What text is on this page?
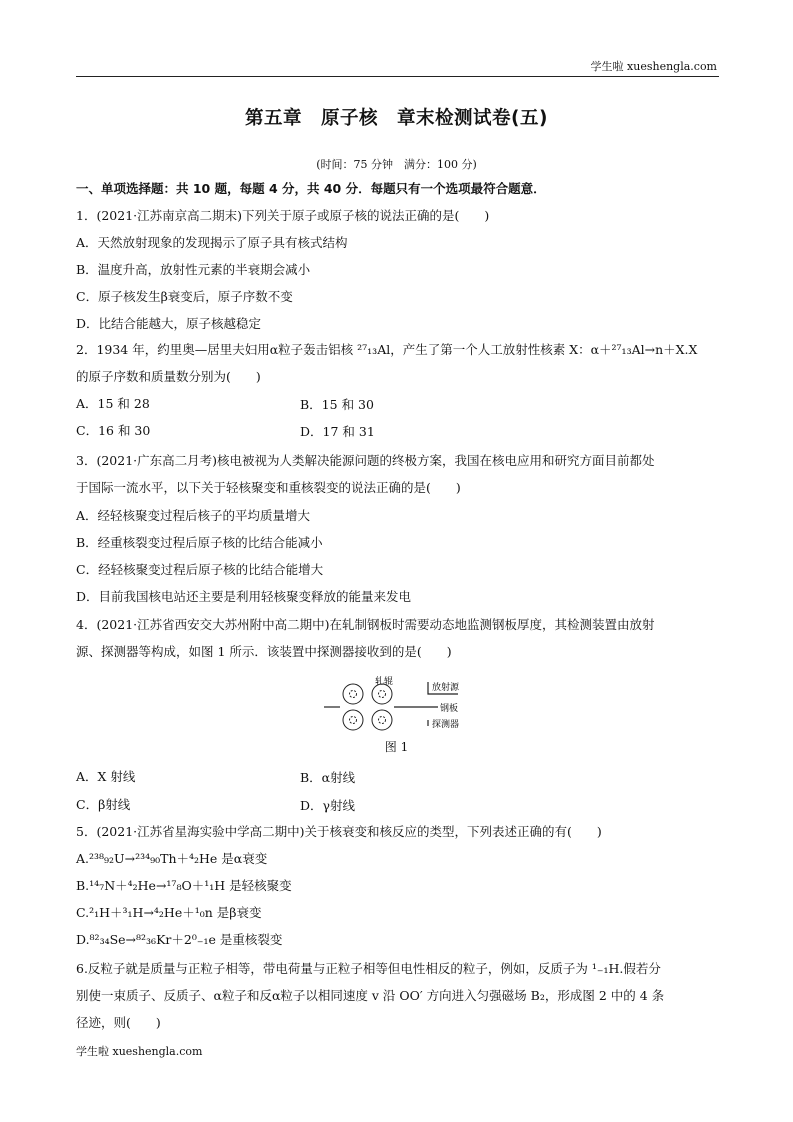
学生啦 xueshengla.com
第五章　原子核　章末检测试卷(五)
(时间：75 分钟　满分：100 分)
一、单项选择题：共 10 题，每题 4 分，共 40 分．每题只有一个选项最符合题意．
1．(2021·江苏南京高二期末)下列关于原子或原子核的说法正确的是(　　)
A．天然放射现象的发现揭示了原子具有核式结构
B．温度升高，放射性元素的半衰期会减小
C．原子核发生β衰变后，原子序数不变
D．比结合能越大，原子核越稳定
2．1934 年，约里奥—居里夫妇用α粒子轰击铝核 ²⁷₁₃Al，产生了第一个人工放射性核素 X：α＋²⁷₁₃Al→n＋X.X
的原子序数和质量数分别为(　　)
A．15 和 28	B．15 和 30
C．16 和 30	D．17 和 31
3．(2021·广东高二月考)核电被视为人类解决能源问题的终极方案，我国在核电应用和研究方面目前都处
于国际一流水平，以下关于轻核聚变和重核裂变的说法正确的是(　　)
A．经轻核聚变过程后核子的平均质量增大
B．经重核裂变过程后原子核的比结合能减小
C．经轻核聚变过程后原子核的比结合能增大
D．目前我国核电站还主要是利用轻核聚变释放的能量来发电
4．(2021·江苏省西安交大苏州附中高二期中)在轧制钢板时需要动态地监测钢板厚度，其检测装置由放射
源、探测器等构成，如图 1 所示．该装置中探测器接收到的是(　　)
轧辊
放射源
钢板
探测器
图 1
A．X 射线	B．α射线
C．β射线	D．γ射线
5．(2021·江苏省星海实验中学高二期中)关于核衰变和核反应的类型，下列表述正确的有(　　)
A.²³⁸₉₂U→²³⁴₉₀Th＋⁴₂He 是α衰变
B.¹⁴₇N＋⁴₂He→¹⁷₈O＋¹₁H 是轻核聚变
C.²₁H＋³₁H→⁴₂He＋¹₀n 是β衰变
D.⁸²₃₄Se→⁸²₃₆Kr＋2⁰₋₁e 是重核裂变
6.反粒子就是质量与正粒子相等，带电荷量与正粒子相等但电性相反的粒子，例如，反质子为 ¹₋₁H.假若分
别使一束质子、反质子、α粒子和反α粒子以相同速度 v 沿 OO′ 方向进入匀强磁场 B₂，形成图 2 中的 4 条
径迹，则(　　)
学生啦 xueshengla.com
